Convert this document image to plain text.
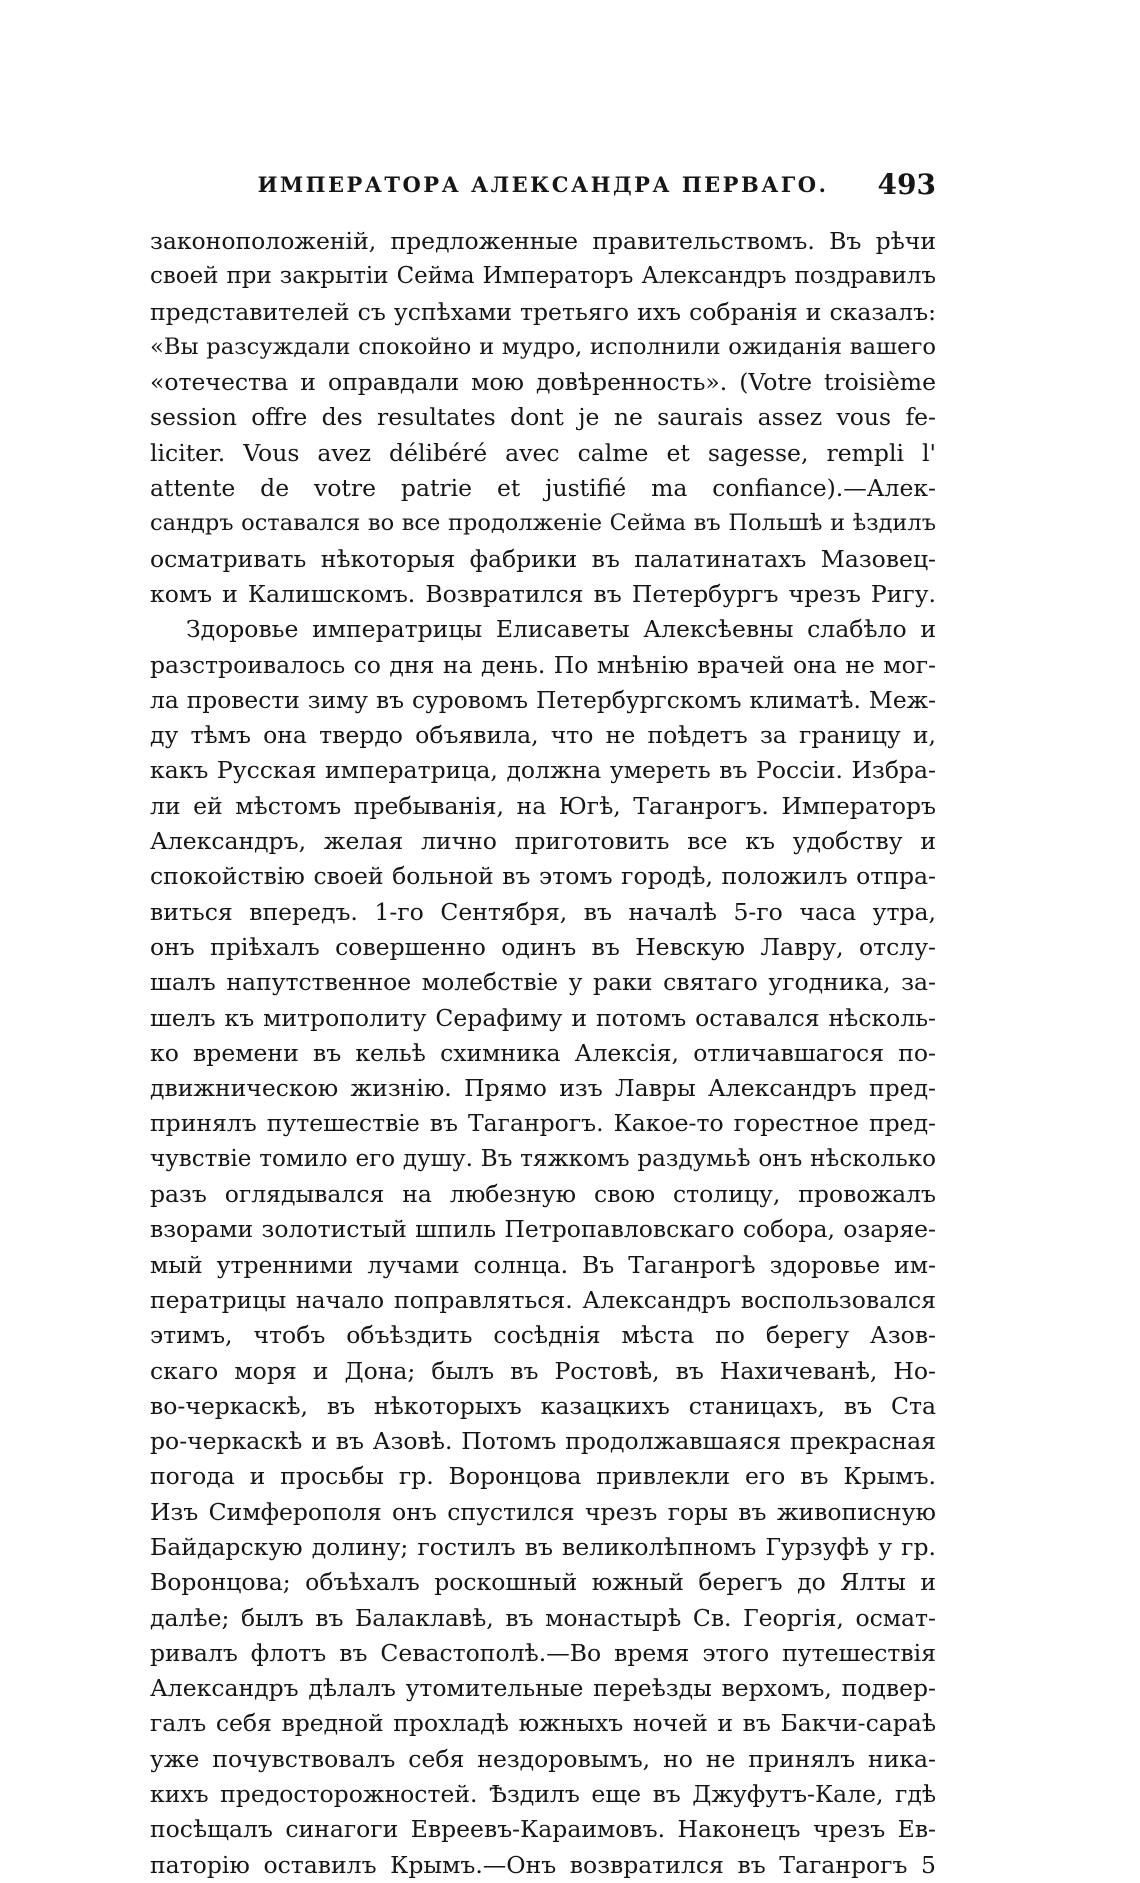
ИМПЕРАТОРА АЛЕКСАНДРА ПЕРВАГО.	493
законоположеній, предложенные правительствомъ. Въ рѣчи
своей при закрытіи Сейма Императоръ Александръ поздравилъ
представителей съ успѣхами третьяго ихъ собранія и сказалъ:
«Вы разсуждали спокойно и мудро, исполнили ожиданія вашего
«отечества и оправдали мою довѣренность». (Votre troisième
session offre des resultates dont je ne saurais assez vous fe-
liciter. Vous avez délibéré avec calme et sagesse, rempli l'
attente de votre patrie et justifié ma confiance).—Алек-
сандръ оставался во все продолженіе Сейма въ Польшѣ и ѣздилъ
осматривать нѣкоторыя фабрики въ палатинатахъ Мазовец-
комъ и Калишскомъ. Возвратился въ Петербургъ чрезъ Ригу.
Здоровье императрицы Елисаветы Алексѣевны слабѣло и
разстроивалось со дня на день. По мнѣнію врачей она не мог-
ла провести зиму въ суровомъ Петербургскомъ климатѣ. Меж-
ду тѣмъ она твердо объявила, что не поѣдетъ за границу и,
какъ Русская императрица, должна умереть въ Россіи. Избра-
ли ей мѣстомъ пребыванія, на Югѣ, Таганрогъ. Императоръ
Александръ, желая лично приготовить все къ удобству и
спокойствію своей больной въ этомъ городѣ, положилъ отпра-
виться впередъ. 1-го Сентября, въ началѣ 5-го часа утра,
онъ пріѣхалъ совершенно одинъ въ Невскую Лавру, отслу-
шалъ напутственное молебствіе у раки святаго угодника, за-
шелъ къ митрополиту Серафиму и потомъ оставался нѣсколь-
ко времени въ кельѣ схимника Алексія, отличавшагося по-
движническою жизнію. Прямо изъ Лавры Александръ пред-
принялъ путешествіе въ Таганрогъ. Какое-то горестное пред-
чувствіе томило его душу. Въ тяжкомъ раздумьѣ онъ нѣсколько
разъ оглядывался на любезную свою столицу, провожалъ
взорами золотистый шпиль Петропавловскаго собора, озаряе-
мый утренними лучами солнца. Въ Таганрогѣ здоровье им-
ператрицы начало поправляться. Александръ воспользовался
этимъ, чтобъ объѣздить сосѣднія мѣста по берегу Азов-
скаго моря и Дона; былъ въ Ростовѣ, въ Нахичеванѣ, Но-
во-черкаскѣ, въ нѣкоторыхъ казацкихъ станицахъ, въ Ста
ро-черкаскѣ и въ Азовѣ. Потомъ продолжавшаяся прекрасная
погода и просьбы гр. Воронцова привлекли его въ Крымъ.
Изъ Симферополя онъ спустился чрезъ горы въ живописную
Байдарскую долину; гостилъ въ великолѣпномъ Гурзуфѣ у гр.
Воронцова; объѣхалъ роскошный южный берегъ до Ялты и
далѣе; былъ въ Балаклавѣ, въ монастырѣ Св. Георгія, осмат-
ривалъ флотъ въ Севастополѣ.—Во время этого путешествія
Александръ дѣлалъ утомительные переѣзды верхомъ, подвер-
галъ себя вредной прохладѣ южныхъ ночей и въ Бакчи-сараѣ
уже почувствовалъ себя нездоровымъ, но не принялъ ника-
кихъ предосторожностей. Ѣздилъ еще въ Джуфутъ-Кале, гдѣ
посѣщалъ синагоги Евреевъ-Караимовъ. Наконецъ чрезъ Ев-
паторію оставилъ Крымъ.—Онъ возвратился въ Таганрогъ 5
